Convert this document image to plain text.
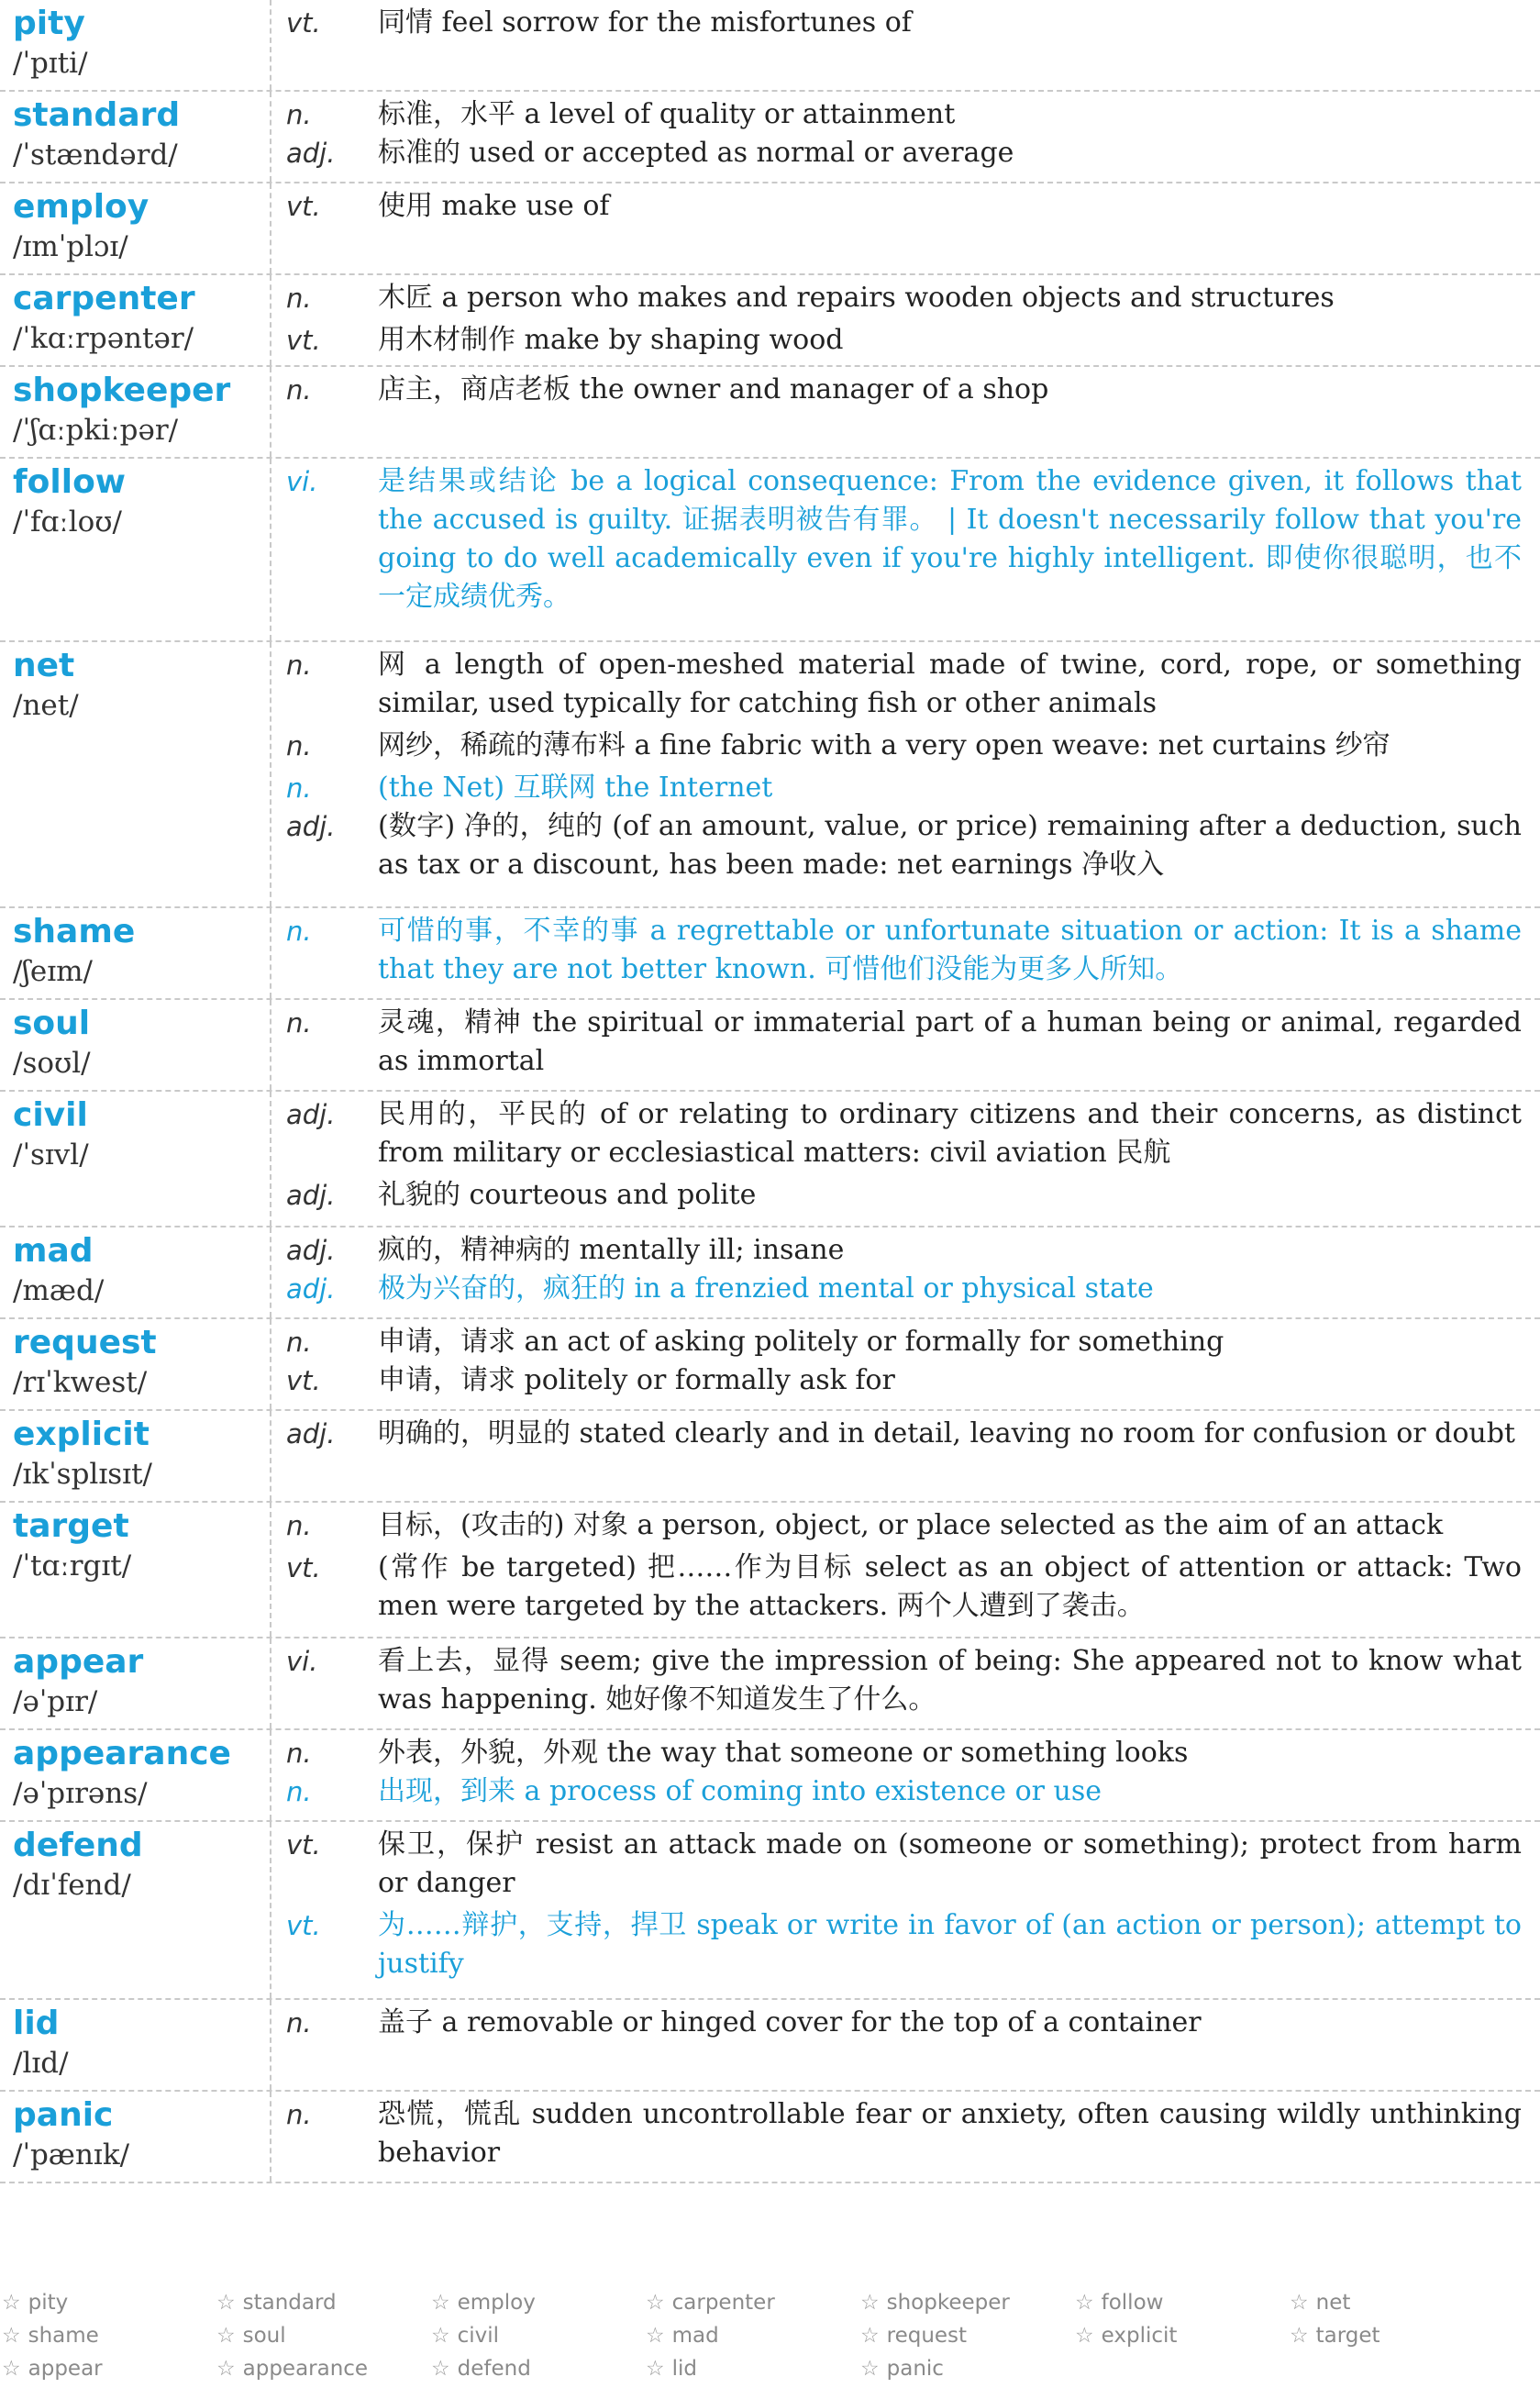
pity
/ˈpɪti/
vt.	同情 feel sorrow for the misfortunes of
standard
/ˈstændərd/
n.	标准，水平 a level of quality or attainment
adj.	标准的 used or accepted as normal or average
employ
/ɪmˈplɔɪ/
vt.	使用 make use of
carpenter
/ˈkɑːrpəntər/
n.	木匠 a person who makes and repairs wooden objects and structures
vt.	用木材制作 make by shaping wood
shopkeeper
/ˈʃɑːpkiːpər/
n.	店主，商店老板 the owner and manager of a shop
follow
/ˈfɑːloʊ/
vi.	是结果或结论 be a logical consequence: From the evidence given, it follows that the accused is guilty. 证据表明被告有罪。 | It doesn't necessarily follow that you're going to do well academically even if you're highly intelligent. 即使你很聪明，也不一定成绩优秀。
net
/net/
n.	网 a length of open-meshed material made of twine, cord, rope, or something similar, used typically for catching fish or other animals
n.	网纱，稀疏的薄布料 a fine fabric with a very open weave: net curtains 纱帘
n.	(the Net) 互联网 the Internet
adj.	(数字) 净的，纯的 (of an amount, value, or price) remaining after a deduction, such as tax or a discount, has been made: net earnings 净收入
shame
/ʃeɪm/
n.	可惜的事，不幸的事 a regrettable or unfortunate situation or action: It is a shame that they are not better known. 可惜他们没能为更多人所知。
soul
/soʊl/
n.	灵魂，精神 the spiritual or immaterial part of a human being or animal, regarded as immortal
civil
/ˈsɪvl/
adj.	民用的，平民的 of or relating to ordinary citizens and their concerns, as distinct from military or ecclesiastical matters: civil aviation 民航
adj.	礼貌的 courteous and polite
mad
/mæd/
adj.	疯的，精神病的 mentally ill; insane
adj.	极为兴奋的，疯狂的 in a frenzied mental or physical state
request
/rɪˈkwest/
n.	申请，请求 an act of asking politely or formally for something
vt.	申请，请求 politely or formally ask for
explicit
/ɪkˈsplɪsɪt/
adj.	明确的，明显的 stated clearly and in detail, leaving no room for confusion or doubt
target
/ˈtɑːrgɪt/
n.	目标，(攻击的) 对象 a person, object, or place selected as the aim of an attack
vt.	(常作 be targeted) 把……作为目标 select as an object of attention or attack: Two men were targeted by the attackers. 两个人遭到了袭击。
appear
/əˈpɪr/
vi.	看上去，显得 seem; give the impression of being: She appeared not to know what was happening. 她好像不知道发生了什么。
appearance
/əˈpɪrəns/
n.	外表，外貌，外观 the way that someone or something looks
n.	出现，到来 a process of coming into existence or use
defend
/dɪˈfend/
vt.	保卫，保护 resist an attack made on (someone or something); protect from harm or danger
vt.	为……辩护，支持，捍卫 speak or write in favor of (an action or person); attempt to justify
lid
/lɪd/
n.	盖子 a removable or hinged cover for the top of a container
panic
/ˈpænɪk/
n.	恐慌，慌乱 sudden uncontrollable fear or anxiety, often causing wildly unthinking behavior
☆ pity	☆ standard	☆ employ	☆ carpenter	☆ shopkeeper	☆ follow	☆ net
☆ shame	☆ soul	☆ civil	☆ mad	☆ request	☆ explicit	☆ target
☆ appear	☆ appearance	☆ defend	☆ lid	☆ panic
